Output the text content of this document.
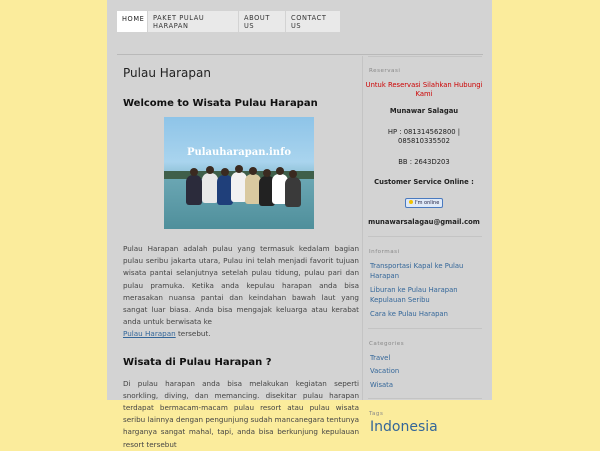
HOME	PAKET PULAU HARAPAN
ABOUT US
CONTACT US
Pulau Harapan
Welcome to Wisata Pulau Harapan
Pulauharapan.info

Pulau Harapan adalah pulau yang termasuk kedalam bagian pulau seribu jakarta utara, Pulau ini telah menjadi favorit tujuan wisata pantai selanjutnya setelah pulau tidung, pulau pari dan pulau pramuka. Ketika anda kepulau harapan anda bisa merasakan nuansa pantai dan keindahan bawah laut yang sangat luar biasa. Anda bisa mengajak keluarga atau kerabat anda untuk berwisata ke
Pulau Harapan tersebut.

Wisata di Pulau Harapan ?

Di pulau harapan anda bisa melakukan kegiatan seperti snorkling, diving, dan memancing. disekitar pulau harapan terdapat bermacam-macam pulau resort atau pulau wisata seribu lainnya dengan pengunjung sudah mancanegara tentunya harganya sangat mahal, tapi, anda bisa berkunjung kepulauan resort tersebut

Reservasi
Untuk Reservasi Silahkan Hubungi Kami
Munawar Salagau
HP : 081314562800 | 085810335502
BB : 2643D203
Customer Service Online :
I'm online
munawarsalagau@gmail.com
Informasi
Transportasi Kapal ke Pulau Harapan
Liburan ke Pulau Harapan Kepulauan Seribu
Cara ke Pulau Harapan
Categories
Travel
Vacation
Wisata
Tags
Indonesia
